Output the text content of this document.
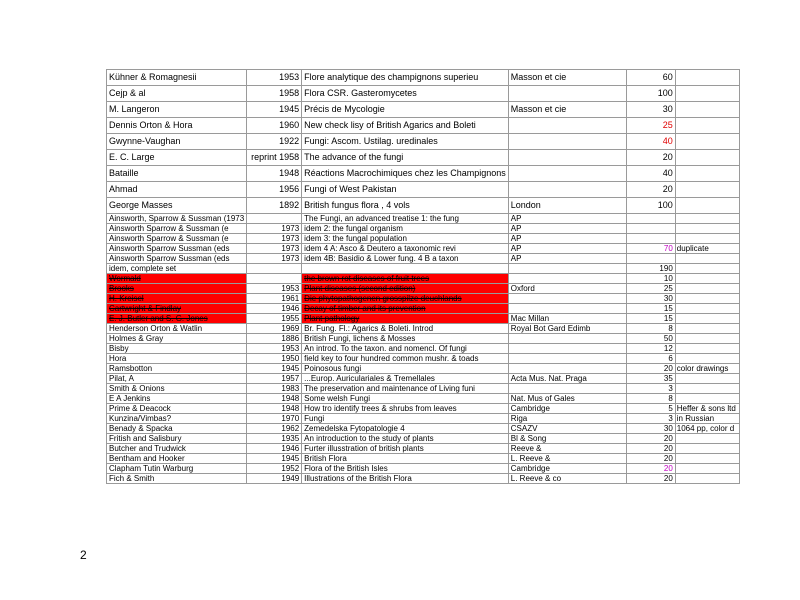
Kühner & Romagnesii	1953	Flore analytique des champignons superieu	Masson et cie	60	
Cejp & al	1958	Flora CSR. Gasteromycetes		100	
M. Langeron	1945	Précis de Mycologie	Masson et cie	30	
Dennis Orton & Hora	1960	New check lisy of British Agarics and Boleti		25	
Gwynne-Vaughan	1922	Fungi: Ascom. Ustilag. uredinales		40	
E. C. Large	reprint 1958	The advance of the fungi		20	
Bataille	1948	Réactions Macrochimiques chez les Champignons		40	
Ahmad	1956	Fungi of West Pakistan		20	
George Masses	1892	British fungus flora , 4 vols	London	100	
Ainsworth, Sparrow & Sussman (1973		The Fungi, an advanced treatise 1: the fung	AP		
Ainsworth Sparrow & Sussman (e	1973	idem 2: the fungal organism	AP		
Ainsworth Sparrow & Sussman (e	1973	idem 3: the fungal population	AP		
Ainsworth Sparrow Sussman (eds	1973	idem 4 A: Asco & Deutero a taxonomic revi	AP	70	duplicate
Ainsworth Sparrow Sussman (eds	1973	idem 4B: Basidio & Lower fung. 4 B a taxon	AP		
idem, complete set				190	
Wormald		the brown rot diseases of fruit trees		10	
Brooks	1953	Plant diseases (second edition)	Oxford	25	
H. Kreisel	1961	Die phytopathogenen grosspilze deuchlands		30	
Cartwright & Findlay	1946	Decay of timber and its prevention		15	
E. J. Butler and S. G. Jones	1955	Plant pathology	Mac Millan	15	
Henderson Orton & Watlin	1969	Br. Fung. Fl.: Agarics & Boleti. Introd	Royal Bot Gard Edimb	8	
Holmes & Gray	1886	British Fungi, lichens & Mosses		50	
Bisby	1953	An introd. To the taxon. and nomencl. Of fungi		12	
Hora	1950	field key to four hundred common mushr. & toads		6	
Ramsbotton	1945	Poinosous fungi		20	color drawings
Pilat, A	1957	...Europ. Auriculariales & Tremellales	Acta Mus. Nat. Praga	35	
Smith & Onions	1983	The preservation and maintenance of Living funi		3	
E A Jenkins	1948	Some welsh Fungi	Nat. Mus of Gales	8	
Prime & Deacock	1948	How tro identify trees & shrubs from leaves	Cambridge	5	Heffer & sons ltd
Kunzina/Vimbas?	1970	Fungi	Riga	3	in Russian
Benady & Spacka	1962	Zemedelska Fytopatologie 4	CSAZV	30	1064 pp, color d
Fritish and Salisbury	1935	An introduction to the study of plants	Bl & Song	20	
Butcher and Trudwick	1946	Furter illusstration of british plants	Reeve &	20	
Bentham and Hooker	1945	British Flora	L. Reeve &	20	
Clapham Tutin Warburg	1952	Flora of the British Isles	Cambridge	20	
Fich & Smith	1949	Illustrations of the British Flora	L. Reeve & co	20	
2
